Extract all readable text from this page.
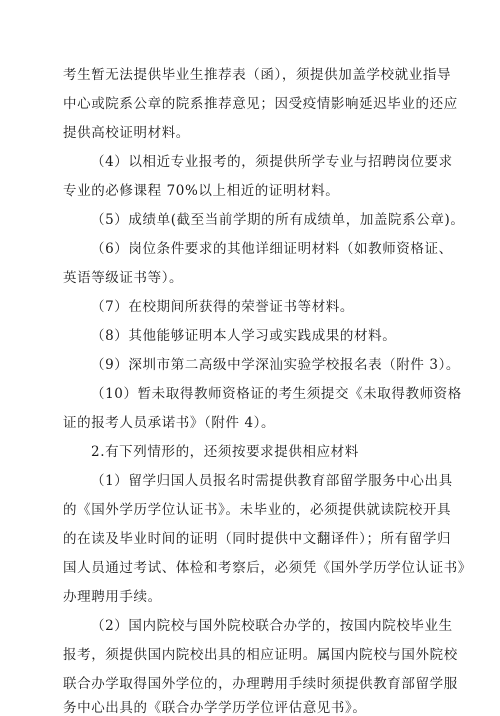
考生暂无法提供毕业生推荐表（函），须提供加盖学校就业指导
中心或院系公章的院系推荐意见；因受疫情影响延迟毕业的还应
提供高校证明材料。
（4）以相近专业报考的，须提供所学专业与招聘岗位要求
专业的必修课程 70%以上相近的证明材料。
（5）成绩单(截至当前学期的所有成绩单，加盖院系公章)。
（6）岗位条件要求的其他详细证明材料（如教师资格证、
英语等级证书等）。
（7）在校期间所获得的荣誉证书等材料。
（8）其他能够证明本人学习或实践成果的材料。
（9）深圳市第二高级中学深汕实验学校报名表（附件 3）。
（10）暂未取得教师资格证的考生须提交《未取得教师资格
证的报考人员承诺书》（附件 4）。
2.有下列情形的，还须按要求提供相应材料
（1）留学归国人员报名时需提供教育部留学服务中心出具
的《国外学历学位认证书》。未毕业的，必须提供就读院校开具
的在读及毕业时间的证明（同时提供中文翻译件）；所有留学归
国人员通过考试、体检和考察后，必须凭《国外学历学位认证书》
办理聘用手续。
（2）国内院校与国外院校联合办学的，按国内院校毕业生
报考，须提供国内院校出具的相应证明。属国内院校与国外院校
联合办学取得国外学位的，办理聘用手续时须提供教育部留学服
务中心出具的《联合办学学历学位评估意见书》。
